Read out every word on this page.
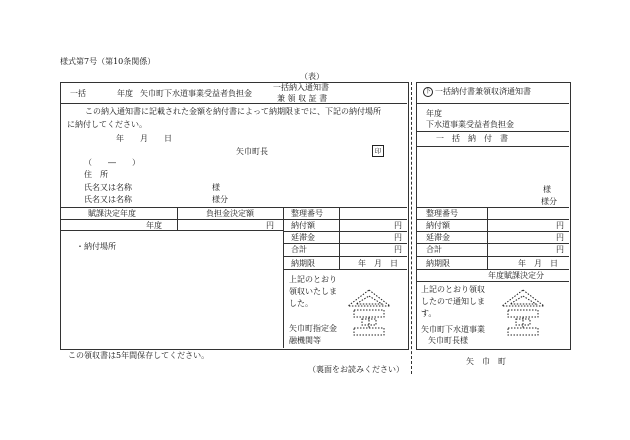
様式第7号（第10条関係）
（表）
一括	年度 矢巾町下水道事業受益者負担金
一括納入通知書
兼 領 収 証 書
この納入通知書に記載された金額を納付書によって納期限までに、下記の納付場所
に納付してください。
年　　月　　日
矢巾町長	印
（　　―　　）
住　所
氏名又は名称	様
氏名又は名称	様分
賦課決定年度	負担金決定額
年度	円
・納付場所
整理番号
納付額	円
延滞金	円
合計	円
納期限	年　月　日
上記のとおり領収いたしました。
矢巾町指定金融機関等
この領収書は5年間保存してください。
（裏面をお読みください）
下 一括納付書兼領収済通知書
年度
下水道事業受益者負担金
一　括　納　付　書
様
様分
整理番号
納付額	円
延滞金	円
合計	円
納期限	年　月　日
年度賦課決定分
上記のとおり領収したので通知します。
矢巾町下水道事業
矢巾町長様
矢　巾　町
